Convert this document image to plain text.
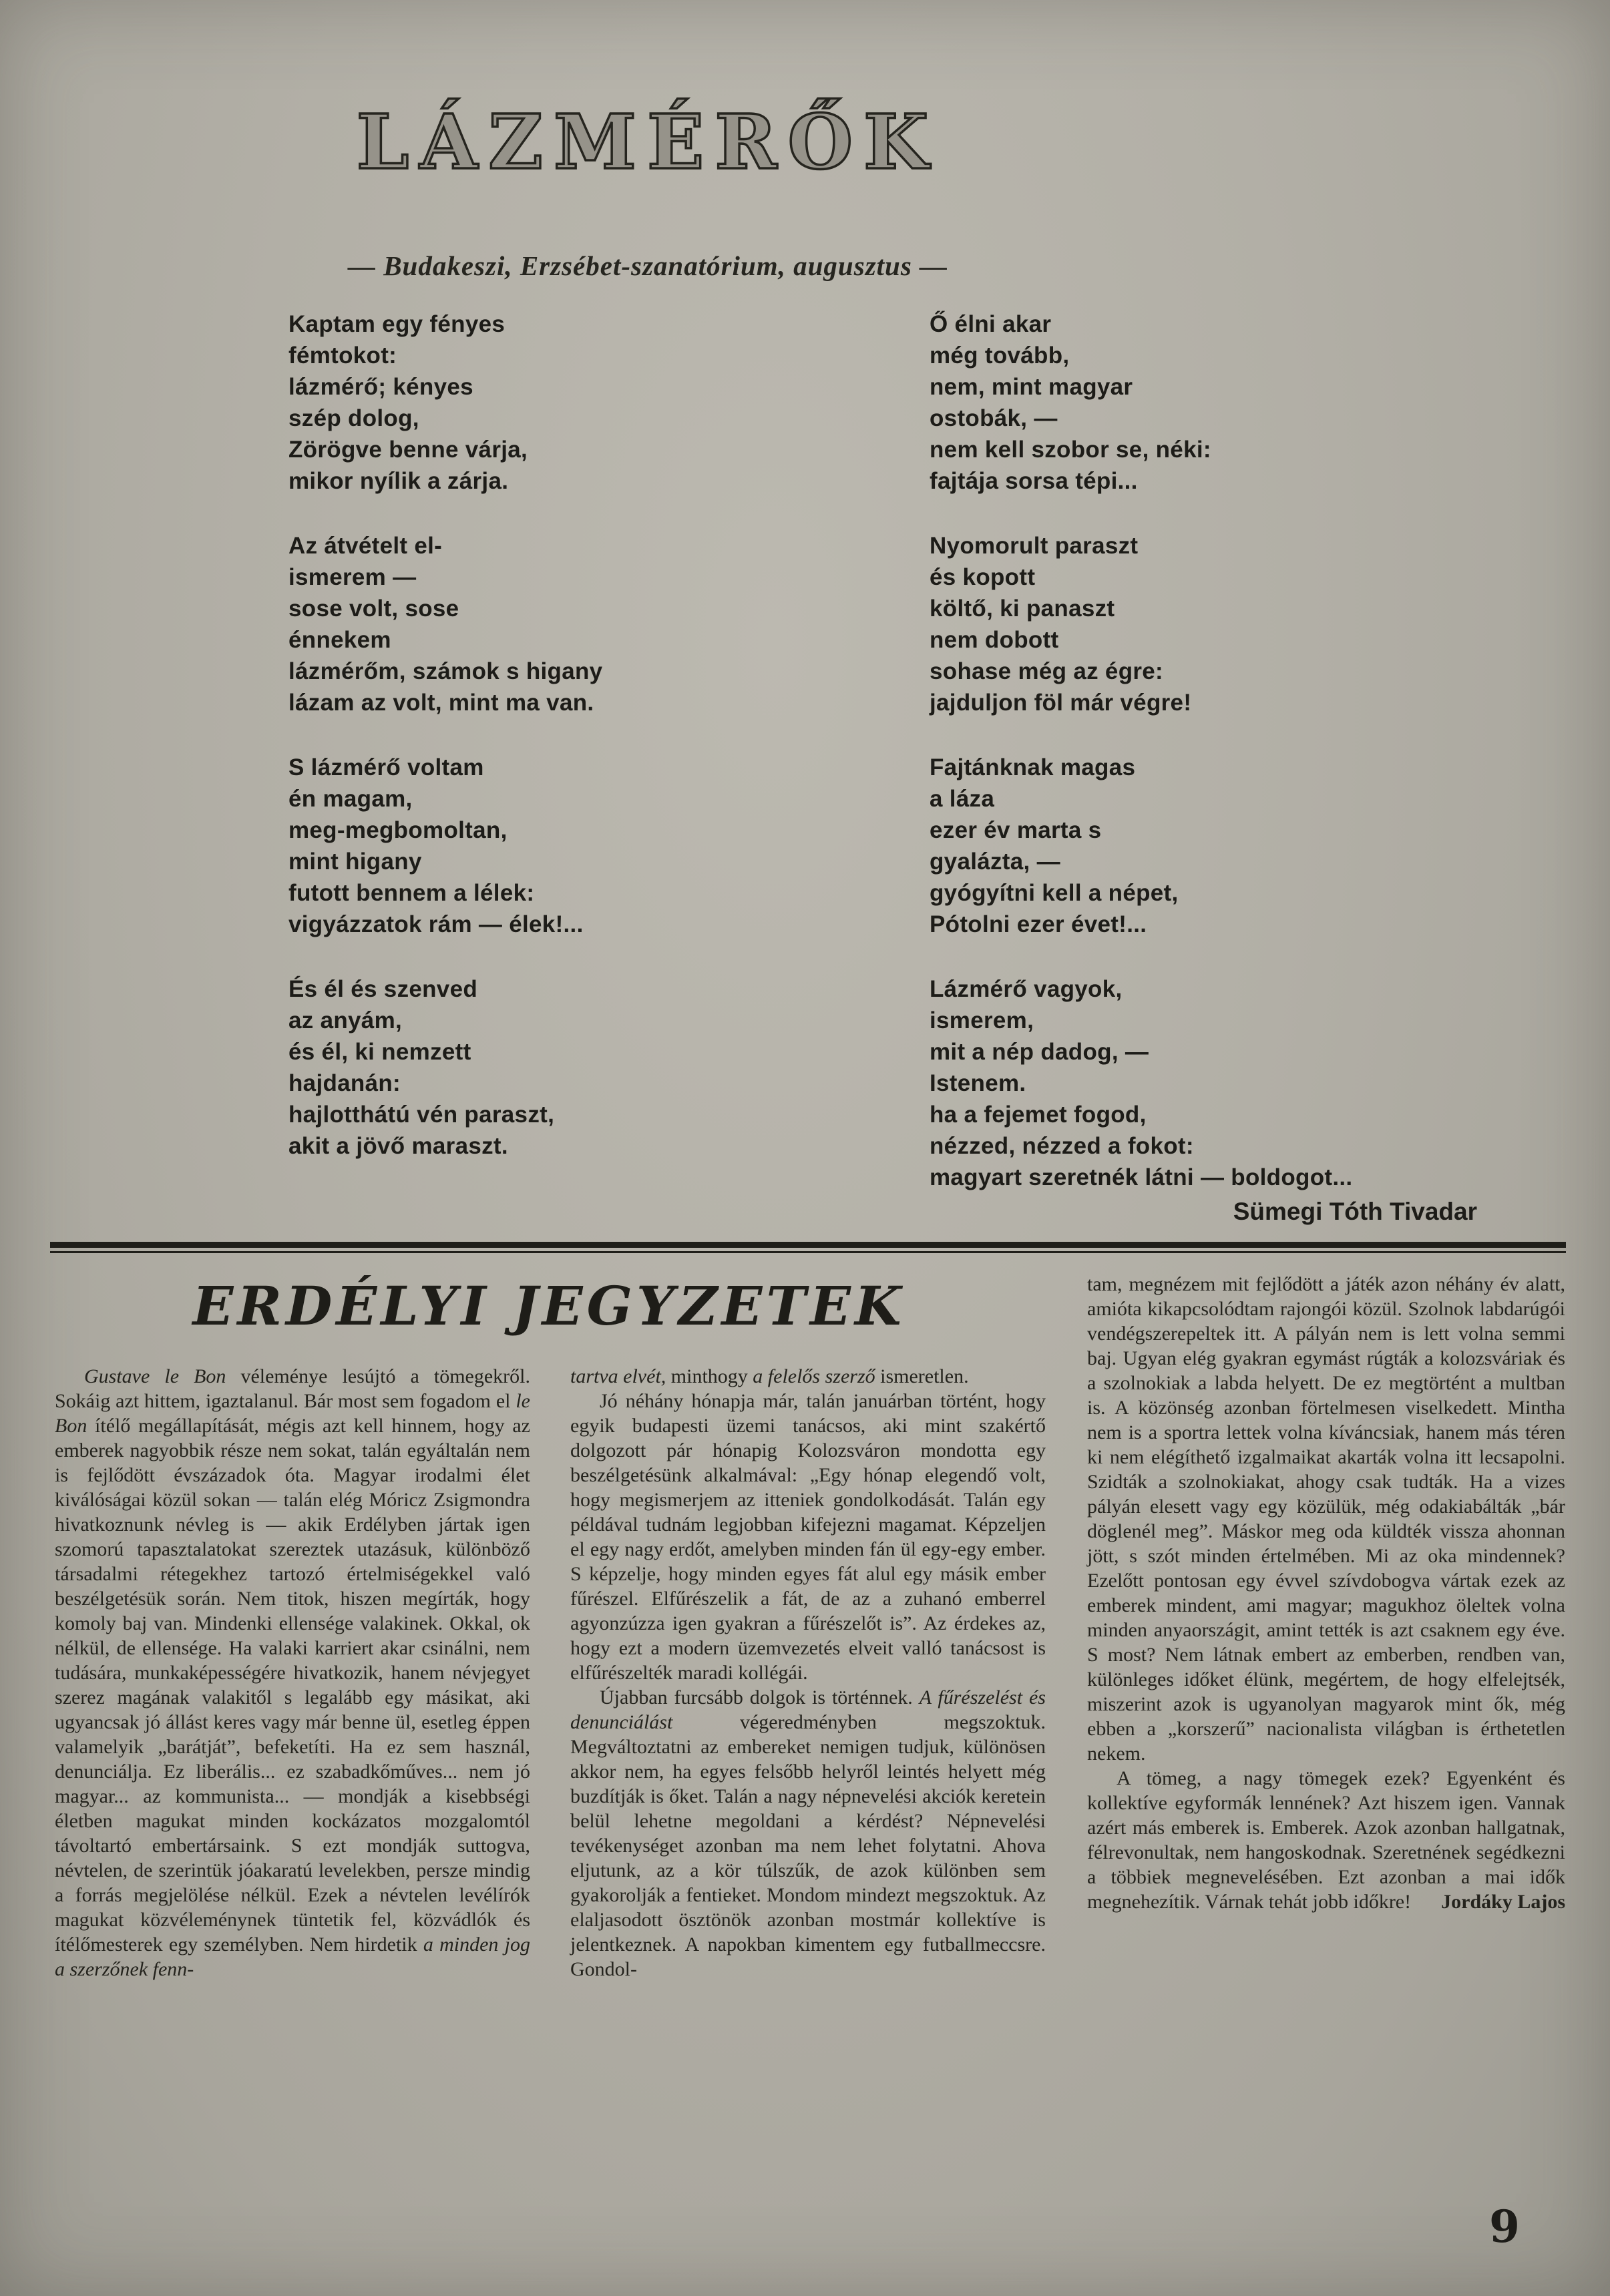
LÁZMÉRŐK
— Budakeszi, Erzsébet-szanatórium, augusztus —
Kaptam egy fényes
fémtokot:
lázmérő; kényes
szép dolog,
Zörögve benne várja,
mikor nyílik a zárja.
Az átvételt el-
ismerem —
sose volt, sose
énnekem
lázmérőm, számok s higany
lázam az volt, mint ma van.
S lázmérő voltam
én magam,
meg-megbomoltan,
mint higany
futott bennem a lélek:
vigyázzatok rám — élek!...
És él és szenved
az anyám,
és él, ki nemzett
hajdanán:
hajlotthátú vén paraszt,
akit a jövő maraszt.
Ő élni akar
még tovább,
nem, mint magyar
ostobák, —
nem kell szobor se, néki:
fajtája sorsa tépi...
Nyomorult paraszt
és kopott
költő, ki panaszt
nem dobott
sohase még az égre:
jajduljon föl már végre!
Fajtánknak magas
a láza
ezer év marta s
gyalázta, —
gyógyítni kell a népet,
Pótolni ezer évet!...
Lázmérő vagyok,
ismerem,
mit a nép dadog, —
Istenem.
ha a fejemet fogod,
nézzed, nézzed a fokot:
magyart szeretnék látni — boldogot...
Sümegi Tóth Tivadar
ERDÉLYI JEGYZETEK

Gustave le Bon véleménye lesújtó a tömegekről. Sokáig azt hittem, igaztalanul. Bár most sem fogadom el le Bon ítélő megállapítását, mégis azt kell hinnem, hogy az emberek nagyobbik része nem sokat, talán egyáltalán nem is fejlődött évszázadok óta. Magyar irodalmi élet kiválóságai közül sokan — talán elég Móricz Zsigmondra hivatkoznunk névleg is — akik Erdélyben jártak igen szomorú tapasztalatokat szereztek utazásuk, különböző társadalmi rétegekhez tartozó értelmiségekkel való beszélgetésük során. Nem titok, hiszen megírták, hogy komoly baj van. Mindenki ellensége valakinek. Okkal, ok nélkül, de ellensége. Ha valaki karriert akar csinálni, nem tudására, munkaképességére hivatkozik, hanem névjegyet szerez magának valakitől s legalább egy másikat, aki ugyancsak jó állást keres vagy már benne ül, esetleg éppen valamelyik „barátját”, befeketíti. Ha ez sem használ, denunciálja. Ez liberális... ez szabadkőműves... nem jó magyar... az kommunista... — mondják a kisebbségi életben magukat minden kockázatos mozgalomtól távoltartó embertársaink. S ezt mondják suttogva, névtelen, de szerintük jóakaratú levelekben, persze mindig a forrás megjelölése nélkül. Ezek a névtelen levélírók magukat közvéleménynek tüntetik fel, közvádlók és ítélőmesterek egy személyben. Nem hirdetik a minden jog a szerzőnek fenn-

tartva elvét, minthogy a felelős szerző ismeretlen.

Jó néhány hónapja már, talán januárban történt, hogy egyik budapesti üzemi tanácsos, aki mint szakértő dolgozott pár hónapig Kolozsváron mondotta egy beszélgetésünk alkalmával: „Egy hónap elegendő volt, hogy megismerjem az itteniek gondolkodását. Talán egy példával tudnám legjobban kifejezni magamat. Képzeljen el egy nagy erdőt, amelyben minden fán ül egy-egy ember. S képzelje, hogy minden egyes fát alul egy másik ember fűrészel. Elfűrészelik a fát, de az a zuhanó emberrel agyonzúzza igen gyakran a fűrészelőt is”. Az érdekes az, hogy ezt a modern üzemvezetés elveit valló tanácsost is elfűrészelték maradi kollégái.

Újabban furcsább dolgok is történnek. A fűrészelést és denunciálást végeredményben megszoktuk. Megváltoztatni az embereket nemigen tudjuk, különösen akkor nem, ha egyes felsőbb helyről leintés helyett még buzdítják is őket. Talán a nagy népnevelési akciók keretein belül lehetne megoldani a kérdést? Népnevelési tevékenységet azonban ma nem lehet folytatni. Ahova eljutunk, az a kör túlszűk, de azok különben sem gyakorolják a fentieket. Mondom mindezt megszoktuk. Az elaljasodott ösztönök azonban mostmár kollektíve is jelentkeznek. A napokban kimentem egy futballmeccsre. Gondol-

tam, megnézem mit fejlődött a játék azon néhány év alatt, amióta kikapcsolódtam rajongói közül. Szolnok labdarúgói vendégszerepeltek itt. A pályán nem is lett volna semmi baj. Ugyan elég gyakran egymást rúgták a kolozsváriak és a szolnokiak a labda helyett. De ez megtörtént a multban is. A közönség azonban förtelmesen viselkedett. Mintha nem is a sportra lettek volna kíváncsiak, hanem más téren ki nem elégíthető izgalmaikat akarták volna itt lecsapolni. Szidták a szolnokiakat, ahogy csak tudták. Ha a vizes pályán elesett vagy egy közülük, még odakiabálták „bár döglenél meg”. Máskor meg oda küldték vissza ahonnan jött, s szót minden értelmében. Mi az oka mindennek? Ezelőtt pontosan egy évvel szívdobogva vártak ezek az emberek mindent, ami magyar; magukhoz öleltek volna minden anyaországit, amint tették is azt csaknem egy éve. S most? Nem látnak embert az emberben, rendben van, különleges időket élünk, megértem, de hogy elfelejtsék, miszerint azok is ugyanolyan magyarok mint ők, még ebben a „korszerű” nacionalista világban is érthetetlen nekem.

A tömeg, a nagy tömegek ezek? Egyenként és kollektíve egyformák lennének? Azt hiszem igen. Vannak azért más emberek is. Emberek. Azok azonban hallgatnak, félrevonultak, nem hangoskodnak. Szeretnének segédkezni a többiek megnevelésében. Ezt azonban a mai idők megnehezítik. Várnak tehát jobb időkre!	Jordáky Lajos

9
